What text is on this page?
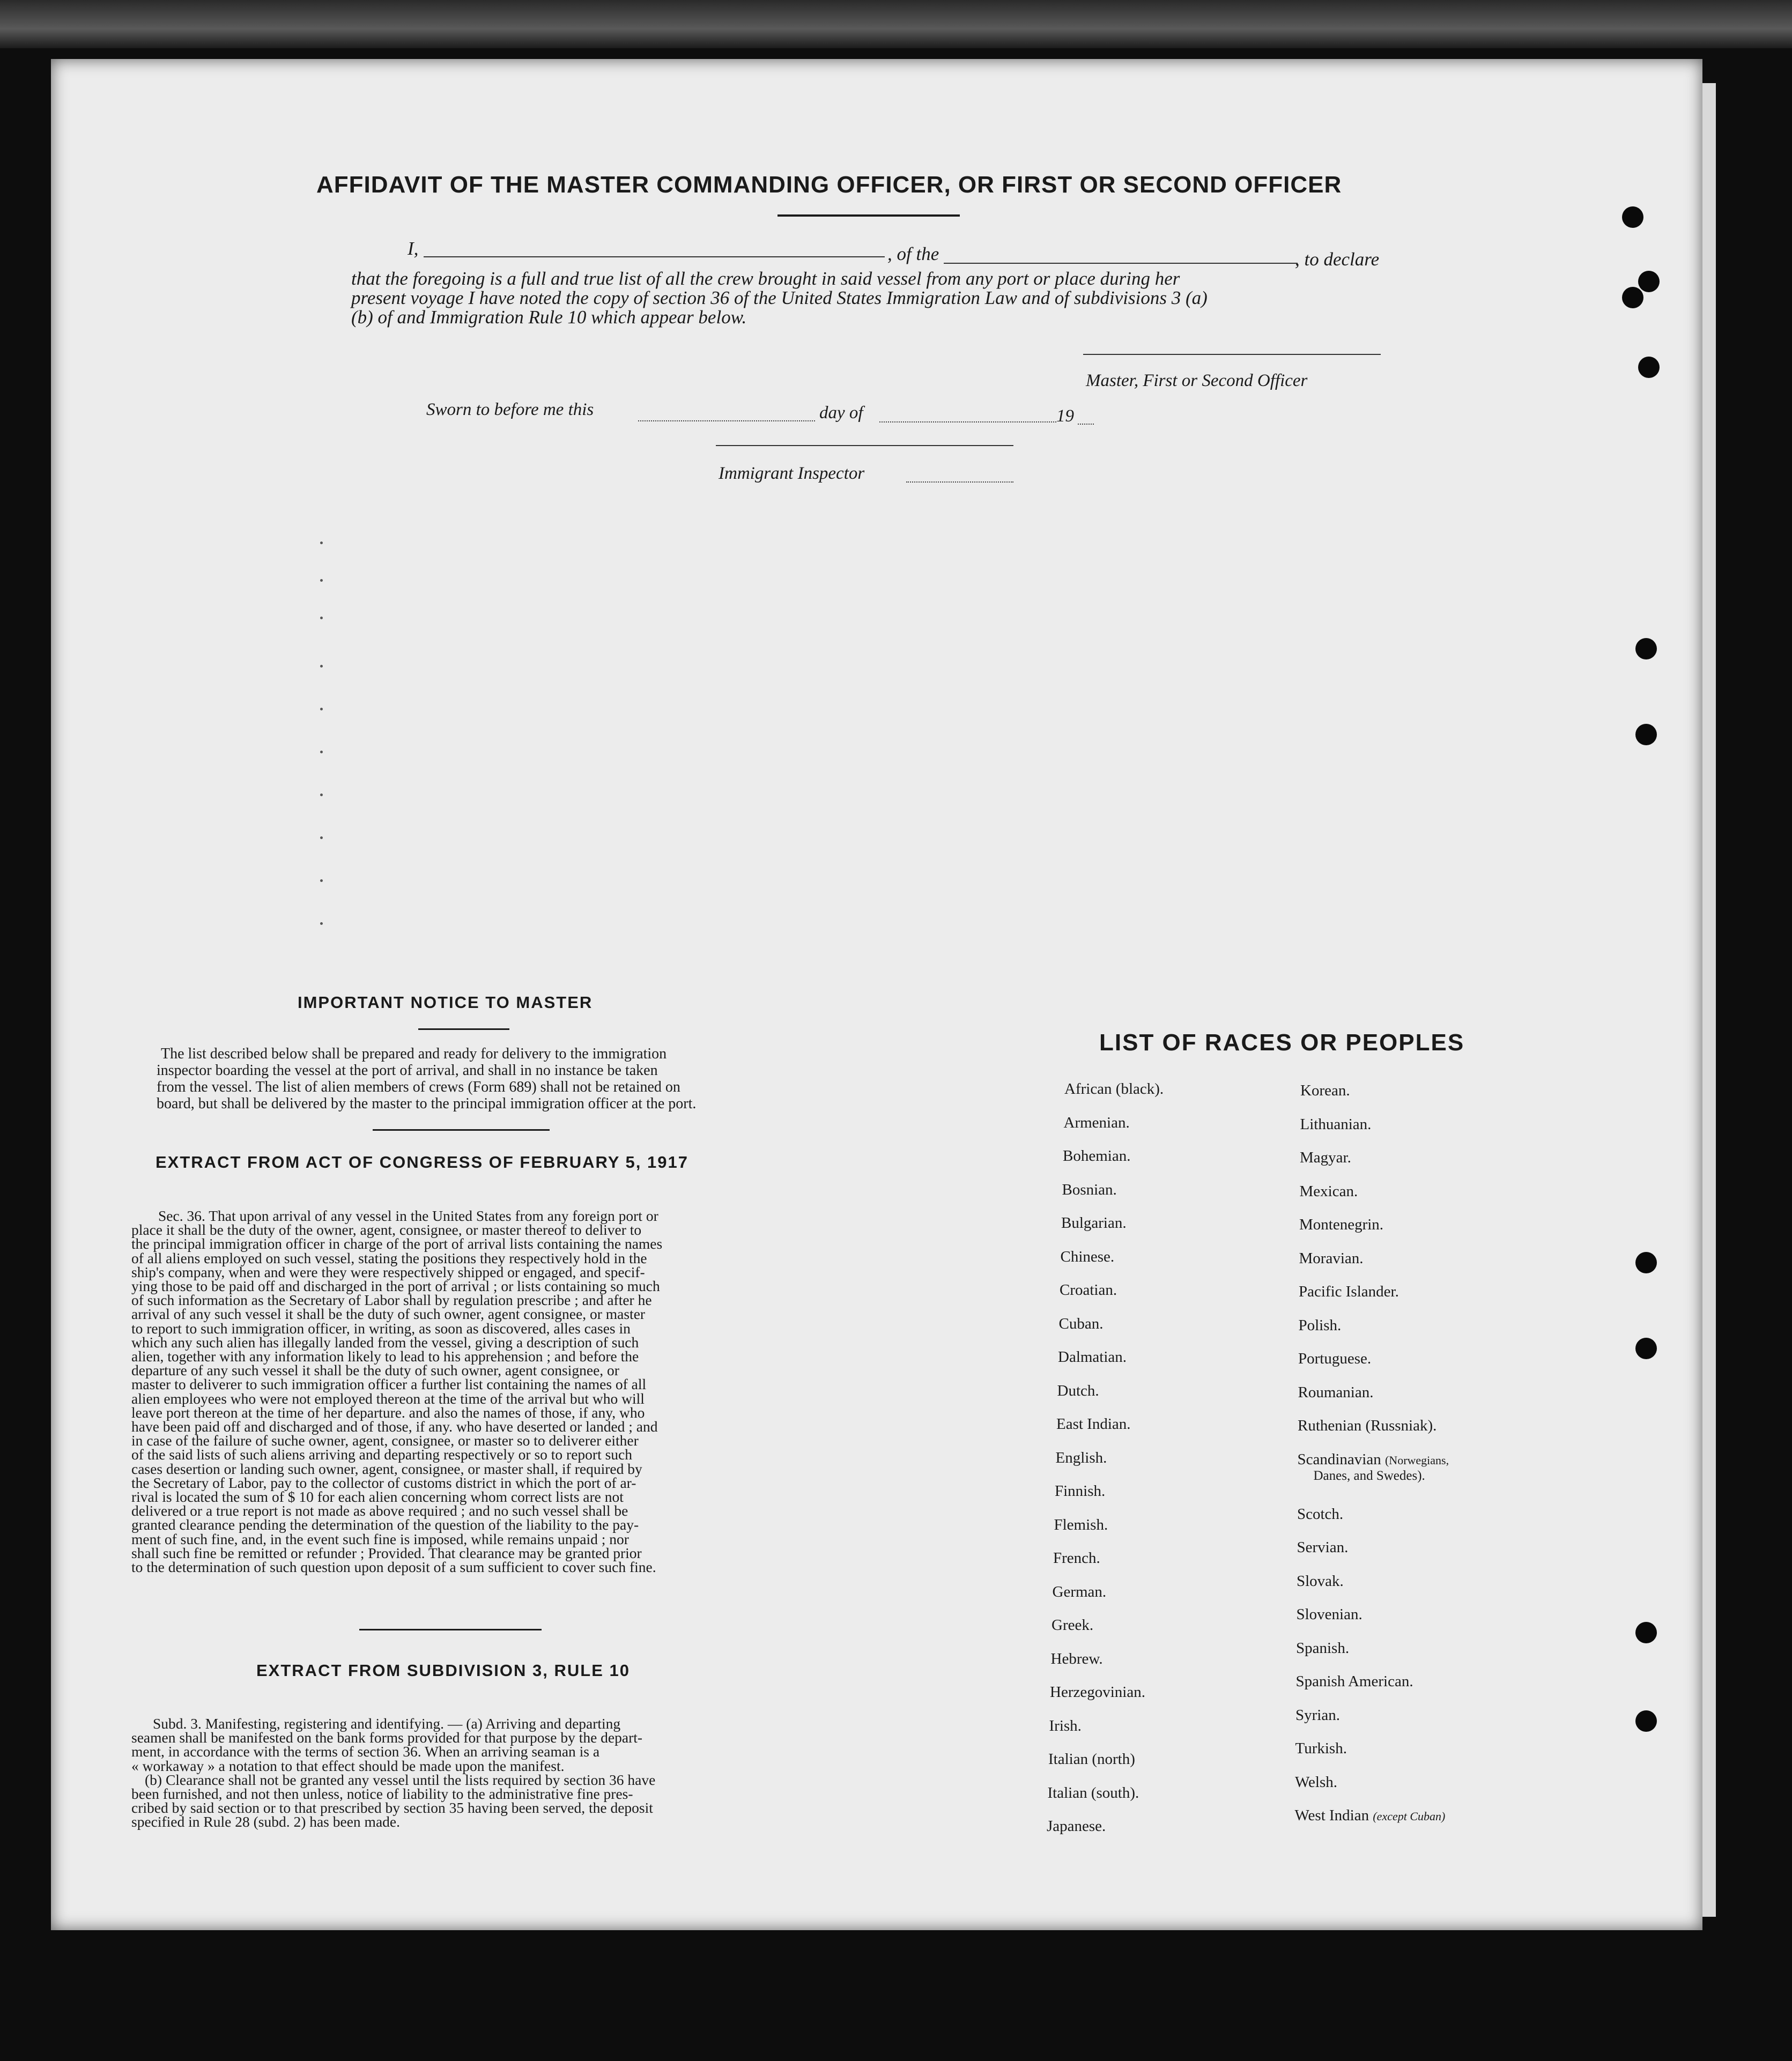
AFFIDAVIT OF THE MASTER COMMANDING OFFICER, OR FIRST OR SECOND OFFICER
I,	, of the	, to declare
that the foregoing is a full and true list of all the crew brought in said vessel from any port or place during her
present voyage I have noted the copy of section 36 of the United States Immigration Law and of subdivisions 3 (a)
(b) of and Immigration Rule 10 which appear below.
Master, First or Second Officer
Sworn to before me this	day of	19
Immigrant Inspector
IMPORTANT NOTICE TO MASTER
The list described below shall be prepared and ready for delivery to the immigration
inspector boarding the vessel at the port of arrival, and shall in no instance be taken
from the vessel. The list of alien members of crews (Form 689) shall not be retained on
board, but shall be delivered by the master to the principal immigration officer at the port.
EXTRACT FROM ACT OF CONGRESS OF FEBRUARY 5, 1917
Sec. 36. That upon arrival of any vessel in the United States from any foreign port or
place it shall be the duty of the owner, agent, consignee, or master thereof to deliver to
the principal immigration officer in charge of the port of arrival lists containing the names
of all aliens employed on such vessel, stating the positions they respectively hold in the
ship's company, when and were they were respectively shipped or engaged, and specif-
ying those to be paid off and discharged in the port of arrival ; or lists containing so much
of such information as the Secretary of Labor shall by regulation prescribe ; and after he
arrival of any such vessel it shall be the duty of such owner, agent consignee, or master
to report to such immigration officer, in writing, as soon as discovered, alles cases in
which any such alien has illegally landed from the vessel, giving a description of such
alien, together with any information likely to lead to his apprehension ; and before the
departure of any such vessel it shall be the duty of such owner, agent consignee, or
master to deliverer to such immigration officer a further list containing the names of all
alien employees who were not employed thereon at the time of the arrival but who will
leave port thereon at the time of her departure. and also the names of those, if any, who
have been paid off and discharged and of those, if any. who have deserted or landed ; and
in case of the failure of suche owner, agent, consignee, or master so to deliverer either
of the said lists of such aliens arriving and departing respectively or so to report such
cases desertion or landing such owner, agent, consignee, or master shall, if required by
the Secretary of Labor, pay to the collector of customs district in which the port of ar-
rival is located the sum of $ 10 for each alien concerning whom correct lists are not
delivered or a true report is not made as above required ; and no such vessel shall be
granted clearance pending the determination of the question of the liability to the pay-
ment of such fine, and, in the event such fine is imposed, while remains unpaid ; nor
shall such fine be remitted or refunder ; Provided. That clearance may be granted prior
to the determination of such question upon deposit of a sum sufficient to cover such fine.
EXTRACT FROM SUBDIVISION 3, RULE 10
Subd. 3. Manifesting, registering and identifying. — (a) Arriving and departing
seamen shall be manifested on the bank forms provided for that purpose by the depart-
ment, in accordance with the terms of section 36. When an arriving seaman is a
« workaway » a notation to that effect should be made upon the manifest.
(b) Clearance shall not be granted any vessel until the lists required by section 36 have
been furnished, and not then unless, notice of liability to the administrative fine pres-
cribed by said section or to that prescribed by section 35 having been served, the deposit
specified in Rule 28 (subd. 2) has been made.
LIST OF RACES OR PEOPLES
African (black).
Armenian.
Bohemian.
Bosnian.
Bulgarian.
Chinese.
Croatian.
Cuban.
Dalmatian.
Dutch.
East Indian.
English.
Finnish.
Flemish.
French.
German.
Greek.
Hebrew.
Herzegovinian.
Irish.
Italian (north)
Italian (south).
Japanese.
Korean.
Lithuanian.
Magyar.
Mexican.
Montenegrin.
Moravian.
Pacific Islander.
Polish.
Portuguese.
Roumanian.
Ruthenian (Russniak).
Scandinavian (Norwegians,
Danes, and Swedes).
Scotch.
Servian.
Slovak.
Slovenian.
Spanish.
Spanish American.
Syrian.
Turkish.
Welsh.
West Indian (except Cuban)
